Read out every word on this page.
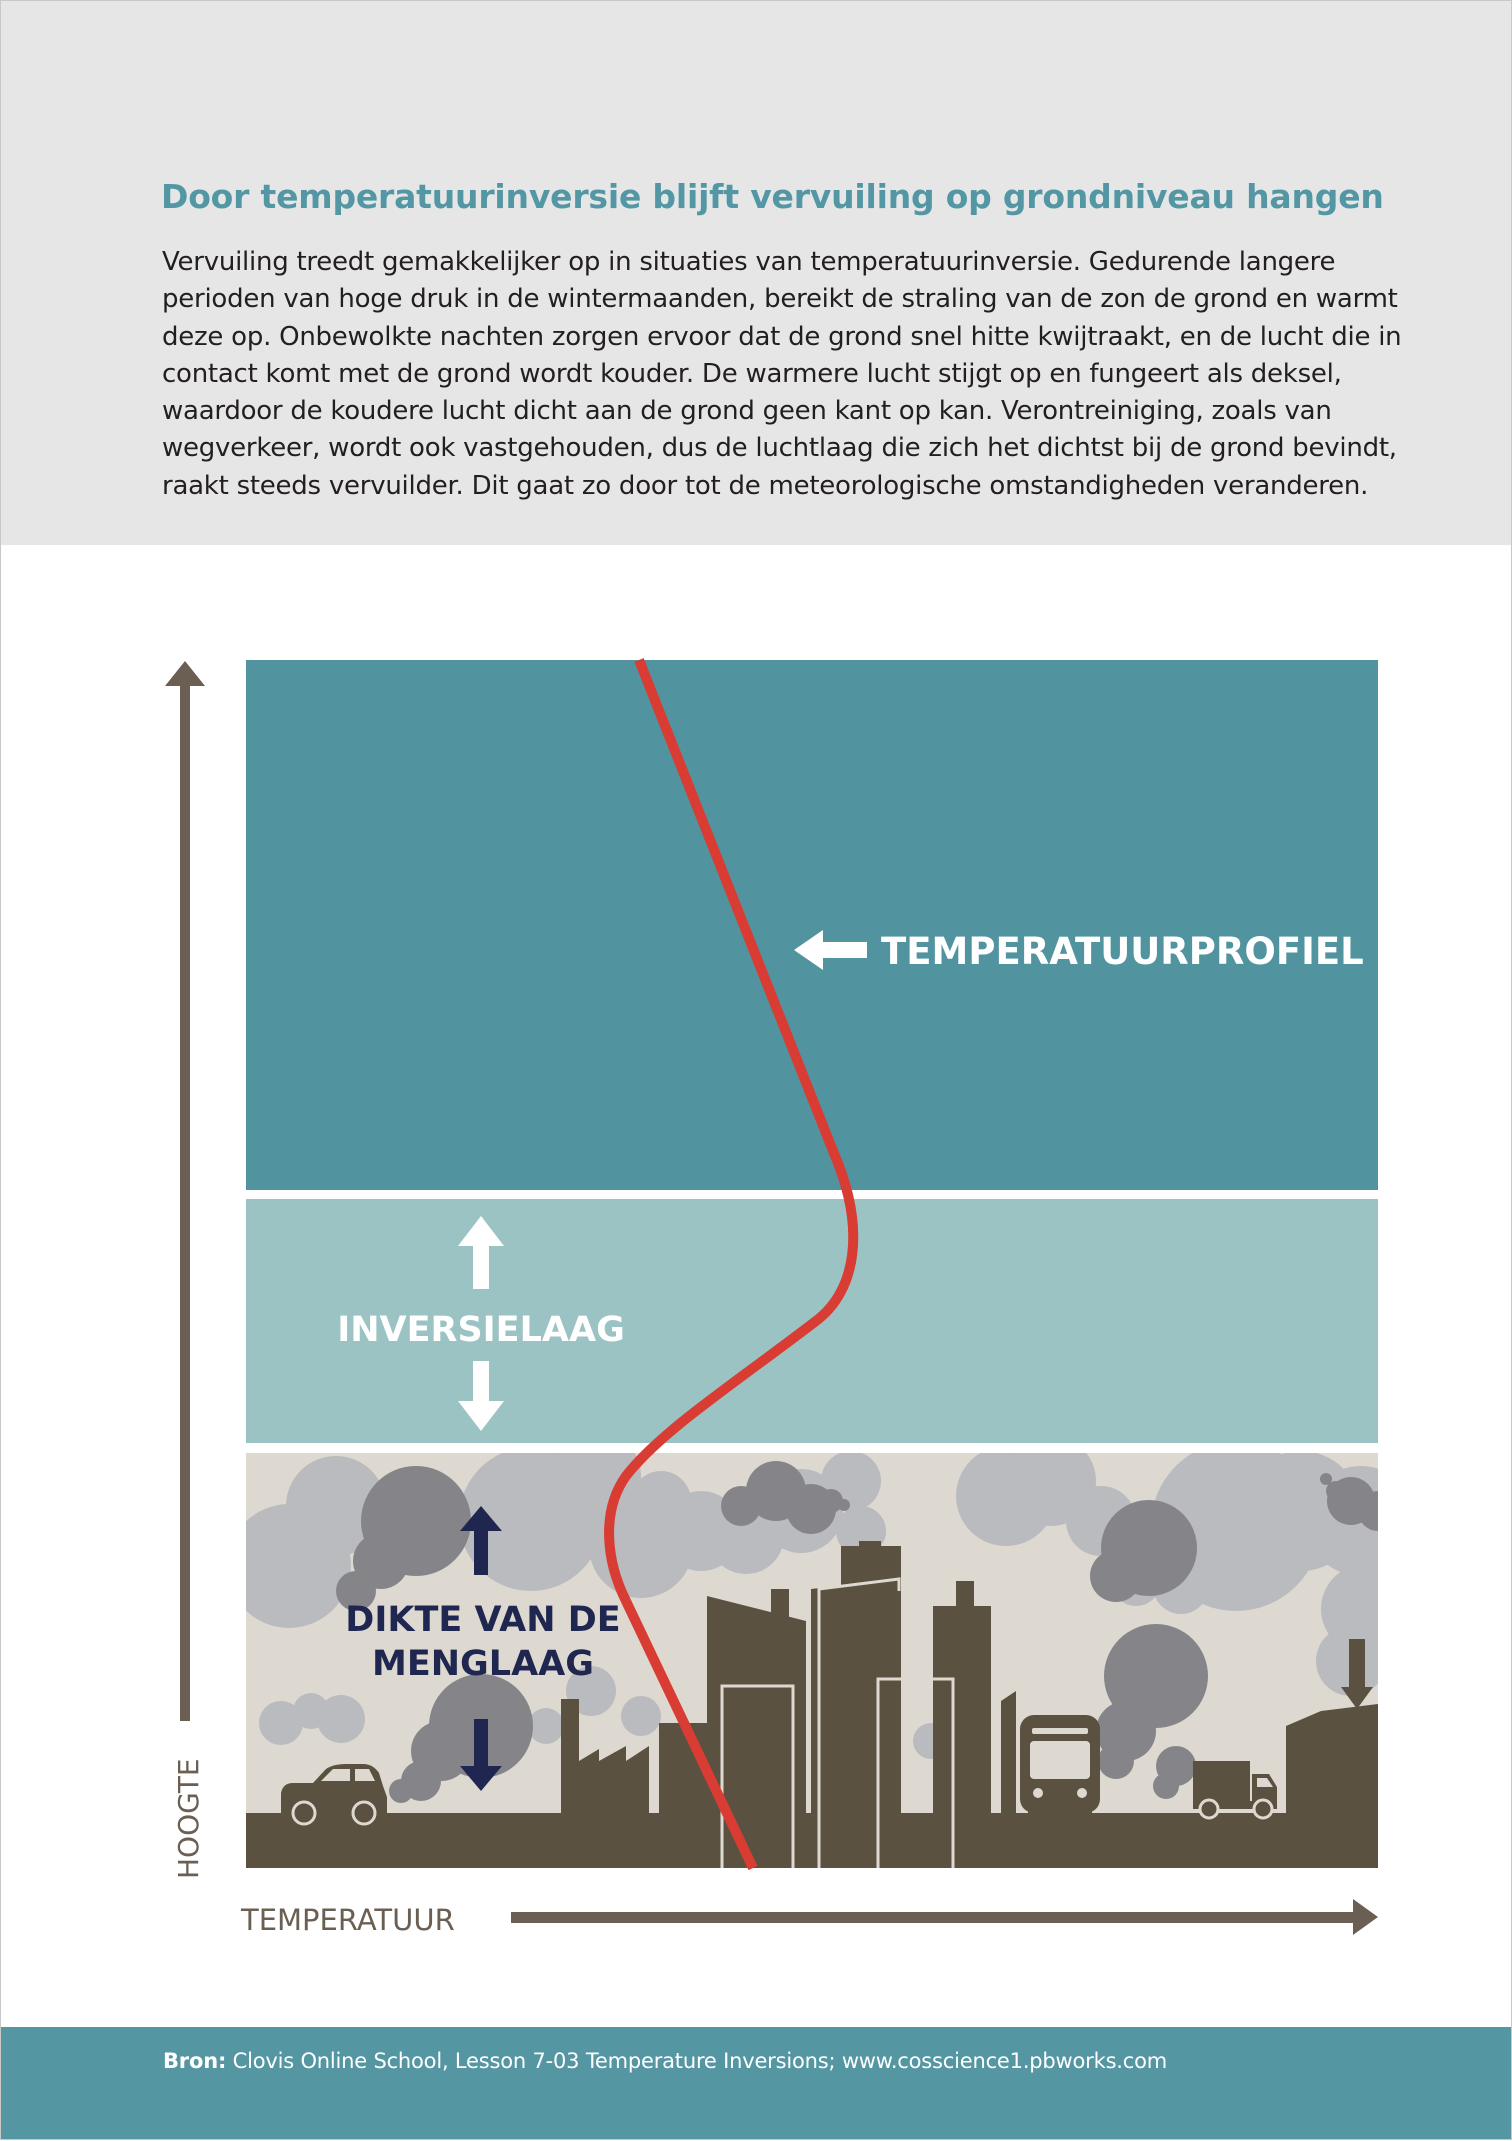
Door temperatuurinversie blijft vervuiling op grondniveau hangen

Vervuiling treedt gemakkelijker op in situaties van temperatuurinversie. Gedurende langere perioden van hoge druk in de wintermaanden, bereikt de straling van de zon de grond en warmt deze op. Onbewolkte nachten zorgen ervoor dat de grond snel hitte kwijtraakt, en de lucht die in contact komt met de grond wordt kouder. De warmere lucht stijgt op en fungeert als deksel, waardoor de koudere lucht dicht aan de grond geen kant op kan. Verontreiniging, zoals van wegverkeer, wordt ook vastgehouden, dus de luchtlaag die zich het dichtst bij de grond bevindt, raakt steeds vervuilder. Dit gaat zo door tot de meteorologische omstandigheden veranderen.

TEMPERATUURPROFIEL
INVERSIELAAG
DIKTE VAN DE
MENGLAAG
HOOGTE
TEMPERATUUR

Bron: Clovis Online School, Lesson 7-03 Temperature Inversions; www.cosscience1.pbworks.com
